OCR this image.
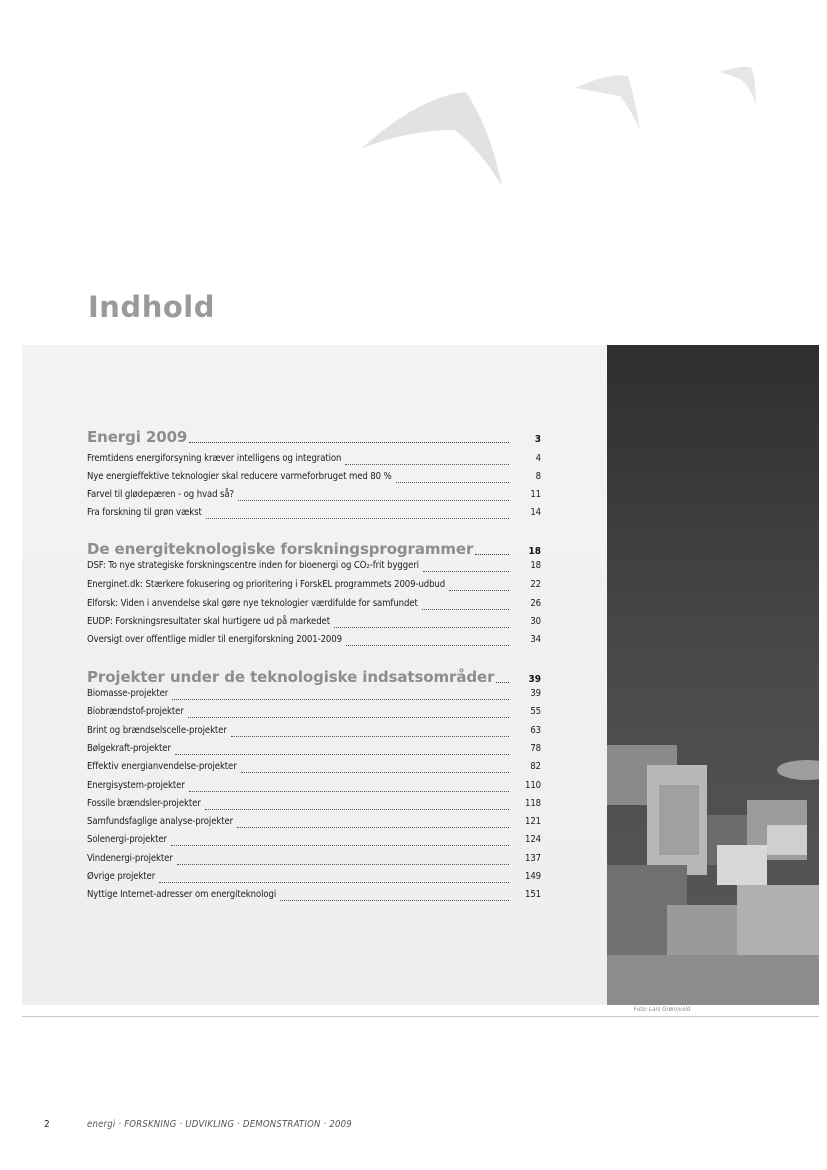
Indhold
Foto: Lars Grønnvold
Energi 2009	3
Fremtidens energiforsyning kræver intelligens og integration	4
Nye energieffektive teknologier skal reducere varmeforbruget med 80 %	8
Farvel til glødepæren - og hvad så?	11
Fra forskning til grøn vækst	14
De energiteknologiske forskningsprogrammer	18
DSF: To nye strategiske forskningscentre inden for bioenergi og CO₂-frit byggeri	18
Energinet.dk: Stærkere fokusering og prioritering i ForskEL programmets 2009-udbud	22
Elforsk: Viden i anvendelse skal gøre nye teknologier værdifulde for samfundet	26
EUDP: Forskningsresultater skal hurtigere ud på markedet	30
Oversigt over offentlige midler til energiforskning 2001-2009	34
Projekter under de teknologiske indsatsområder	39
Biomasse-projekter	39
Biobrændstof-projekter	55
Brint og brændselscelle-projekter	63
Bølgekraft-projekter	78
Effektiv energianvendelse-projekter	82
Energisystem-projekter	110
Fossile brændsler-projekter	118
Samfundsfaglige analyse-projekter	121
Solenergi-projekter	124
Vindenergi-projekter	137
Øvrige projekter	149
Nyttige Internet-adresser om energiteknologi	151
2	energi · FORSKNING · UDVIKLING · DEMONSTRATION · 2009
